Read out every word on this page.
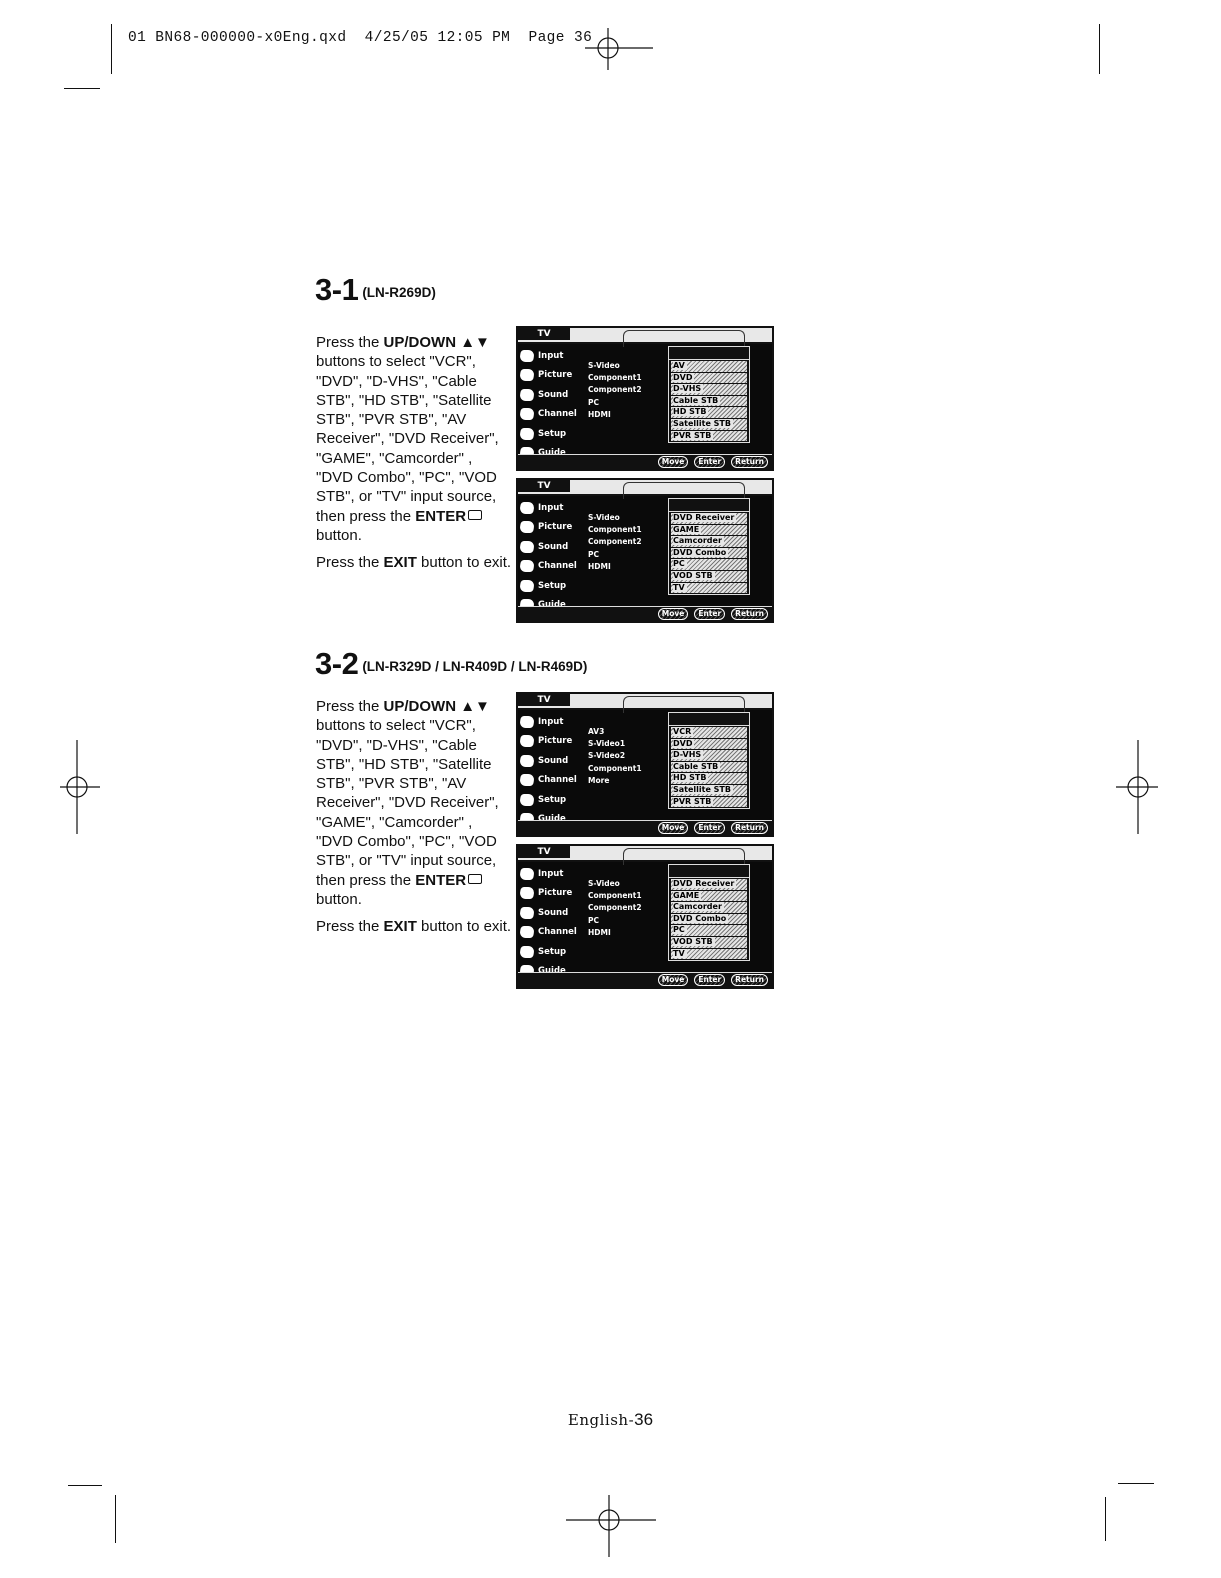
01 BN68-000000-x0Eng.qxd 4/25/05 12:05 PM Page 36
3-1 (LN-R269D)

Press the UP/DOWN ▲▼ buttons to select "VCR", "DVD", "D-VHS", "Cable STB", "HD STB", "Satellite STB", "PVR STB", "AV Receiver", "DVD Receiver", "GAME", "Camcorder" , "DVD Combo", "PC", "VOD STB", or "TV" input source, then press the ENTER button.

Press the EXIT button to exit.

3-2 (LN-R329D / LN-R409D / LN-R469D)

Press the UP/DOWN ▲▼ buttons to select "VCR", "DVD", "D-VHS", "Cable STB", "HD STB", "Satellite STB", "PVR STB", "AV Receiver", "DVD Receiver", "GAME", "Camcorder" , "DVD Combo", "PC", "VOD STB", or "TV" input source, then press the ENTER button.

Press the EXIT button to exit.

TV
Input
Picture
Sound
Channel
Setup
S-Video
Component1
Component2
PC
HDMI
AV
DVD
D-VHS
Cable STB
HD STB
Satellite STB
PVR STB
Move	Enter	Return
TV
Input
Picture
Sound
Channel
Setup
S-Video
Component1
Component2
PC
HDMI
DVD Receiver
GAME
Camcorder
DVD Combo
PC
VOD STB
TV
Move	Enter	Return
TV
Input
Picture
Sound
Channel
Setup
AV3
S-Video1
S-Video2
Component1
More
VCR
DVD
D-VHS
Cable STB
HD STB
Satellite STB
PVR STB
Move	Enter	Return
TV
Input
Picture
Sound
Channel
Setup
S-Video
Component1
Component2
PC
HDMI
DVD Receiver
GAME
Camcorder
DVD Combo
PC
VOD STB
TV
Move	Enter	Return
English-36
